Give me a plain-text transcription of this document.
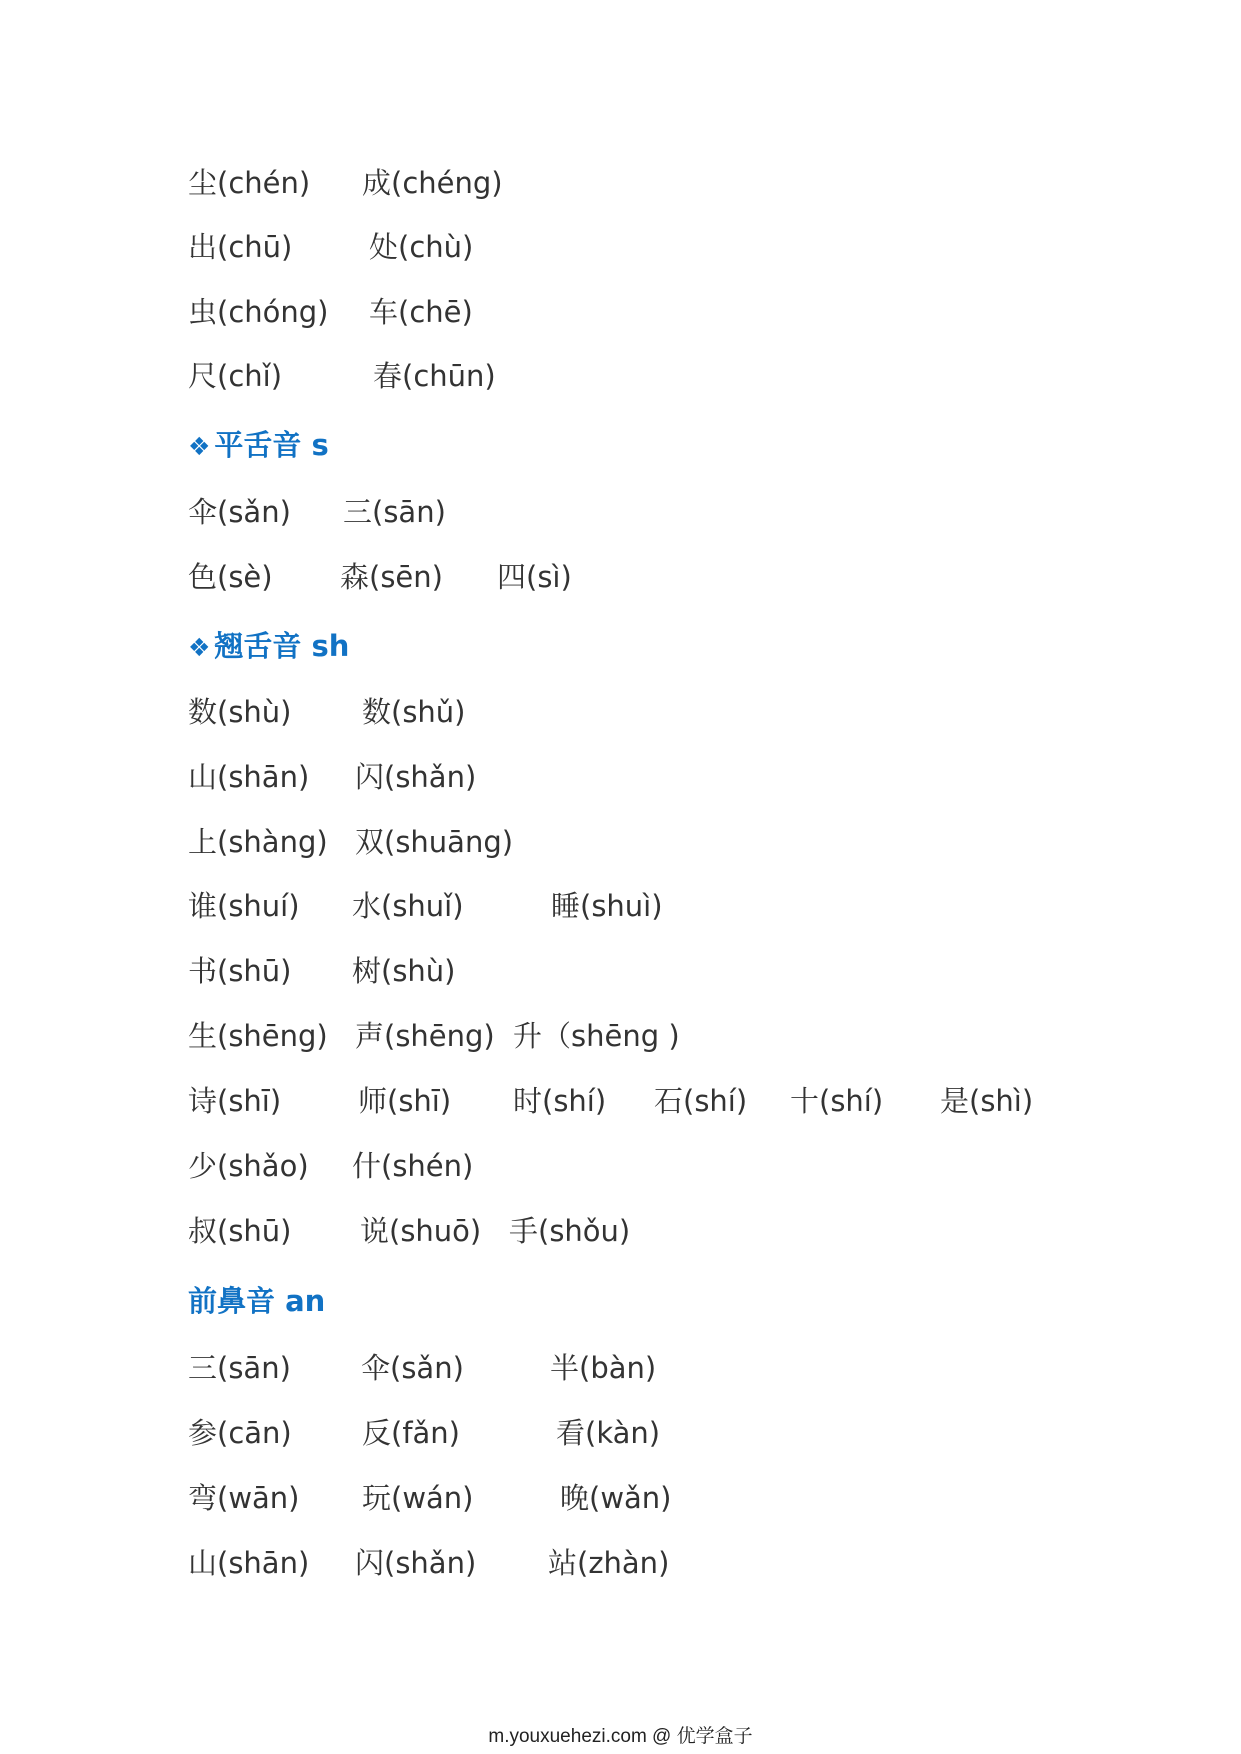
尘(chén) 成(chéng)
出(chū)	处(chù)
虫(chóng) 车(chē)
尺(chǐ)	春(chūn)
❖ 平舌音 s
伞(sǎn) 三(sān)
色(sè) 森(sēn) 四(sì)
❖ 翘舌音 sh
数(shù) 数(shǔ)
山(shān) 闪(shǎn)
上(shàng) 双(shuāng)
谁(shuí) 水(shuǐ)	睡(shuì)
书(shū) 树(shù)
生(shēng) 声(shēng) 升（shēng )
诗(shī)	师(shī) 时(shí) 石(shí) 十(shí) 是(shì)
少(shǎo) 什(shén)
叔(shū) 说(shuō) 手(shǒu)
前鼻音 an
三(sān) 伞(sǎn)	半(bàn)
参(cān) 反(fǎn)	看(kàn)
弯(wān) 玩(wán)	晚(wǎn)
山(shān) 闪(shǎn) 站(zhàn)
m.youxuehezi.com @ 优学盒子
